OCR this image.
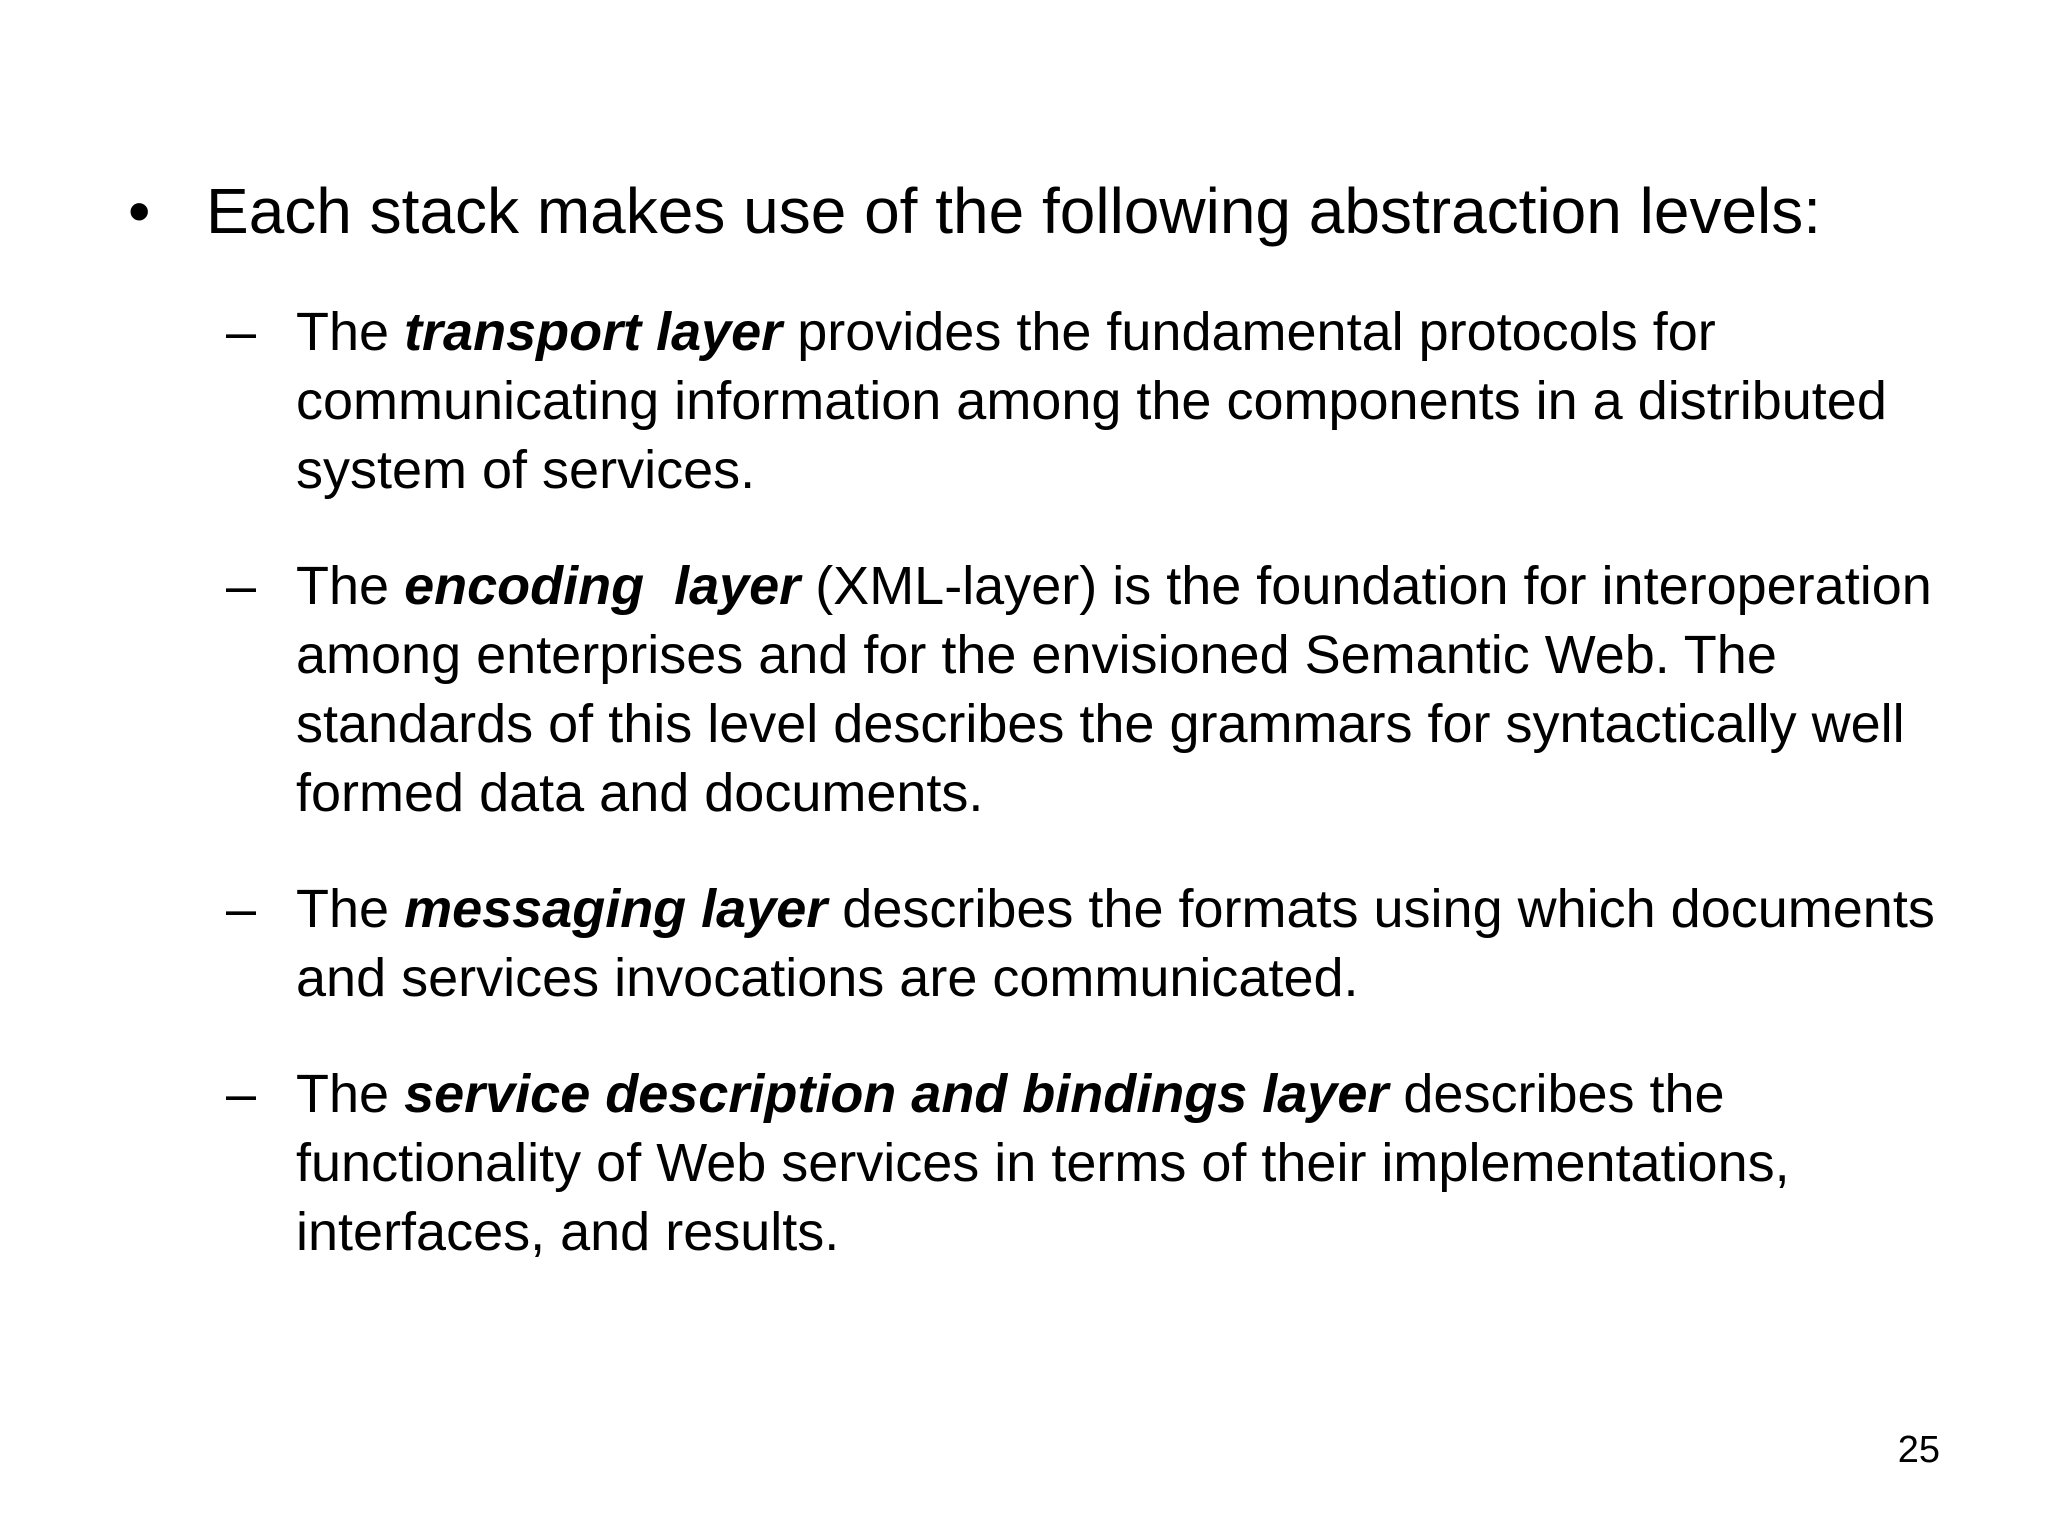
• Each stack makes use of the following abstraction levels:
– The transport layer provides the fundamental protocols for communicating information among the components in a distributed system of services.
– The encoding  layer (XML-layer) is the foundation for interoperation among enterprises and for the envisioned Semantic Web. The standards of this level describes the grammars for syntactically well formed data and documents.
– The messaging layer describes the formats using which documents and services invocations are communicated.
– The service description and bindings layer describes the functionality of Web services in terms of their implementations, interfaces, and results.
25
